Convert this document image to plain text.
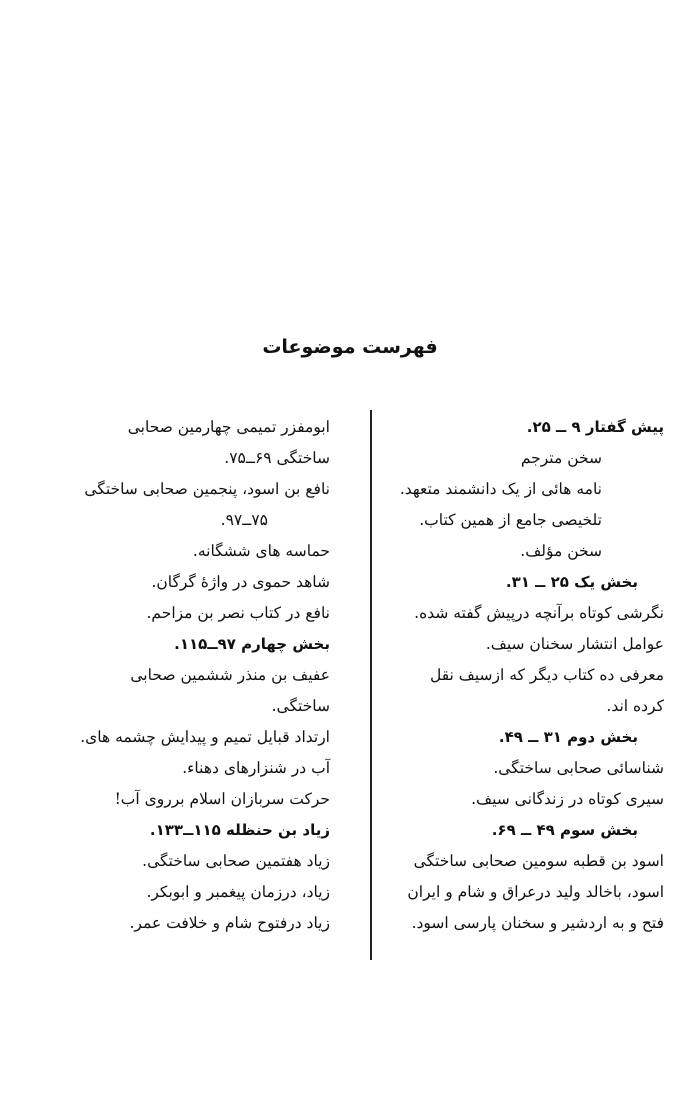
فهرست موضوعات
پیش گفتار ۹ ــ ۲۵.
سخن مترجم
نامه هائی از یک دانشمند متعهد.
تلخیصی جامع از همین کتاب.
سخن مؤلف.
بخش یک ۲۵ ــ ۳۱.
نگرشی کوتاه برآنچه درپیش گفته شده.
عوامل انتشار سخنان سیف.
معرفی ده کتاب دیگر که ازسیف نقل
کرده اند.
بخش دوم ۳۱ ــ ۴۹.
شناسائی صحابی ساختگی.
سیری کوتاه در زندگانی سیف.
بخش سوم ۴۹ ــ ۶۹.
اسود بن قطبه سومین صحابی ساختگی
اسود، باخالد ولید درعراق و شام و ایران
فتح و به اردشیر و سخنان پارسی اسود.
ابومفزر تمیمی چهارمین صحابی
ساختگی ۶۹ــ۷۵.
نافع بن اسود، پنجمین صحابی ساختگی
۷۵ــ۹۷.
حماسه های ششگانه.
شاهد حموی در واژهٔ گرگان.
نافع در کتاب نصر بن مزاحم.
بخش چهارم ۹۷ــ۱۱۵.
عفیف بن منذر ششمین صحابی
ساختگی.
ارتداد قبایل تمیم و پیدایش چشمه های.
آب در شنزارهای دهناء.
حرکت سربازان اسلام برروی آب!
زیاد بن حنظله ۱۱۵ــ۱۳۳.
زیاد هفتمین صحابی ساختگی.
زیاد، درزمان پیغمبر و ابوبکر.
زیاد درفتوح شام و خلافت عمر.
